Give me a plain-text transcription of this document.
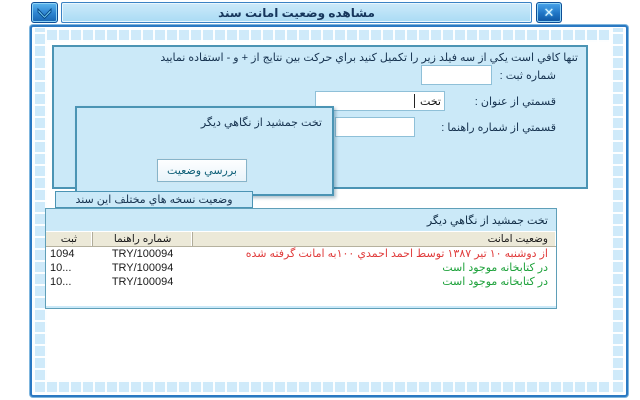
مشاهده وضعيت امانت سند	✕
تنها كافي است يكي از سه فيلد زير را تكميل كنيد براي حركت بين نتايج از + و - استفاده نماييد
شماره ثبت :
قسمتي از عنوان :
تخت
قسمتي از شماره راهنما :
تخت جمشيد از نگاهي ديگر
بررسي وضعيت
وضعيت نسخه هاي مختلف اين سند
تخت جمشيد از نگاهي ديگر
وضعيت امانت
شماره راهنما
ثبت
از دوشنبه ۱۰ تير ۱۳۸۷ توسط احمد احمدي ۱۰۰به امانت گرفته شده
TRY/100094
1094
در كتابخانه موجود است
TRY/100094
10...
در كتابخانه موجود است
TRY/100094
10...
